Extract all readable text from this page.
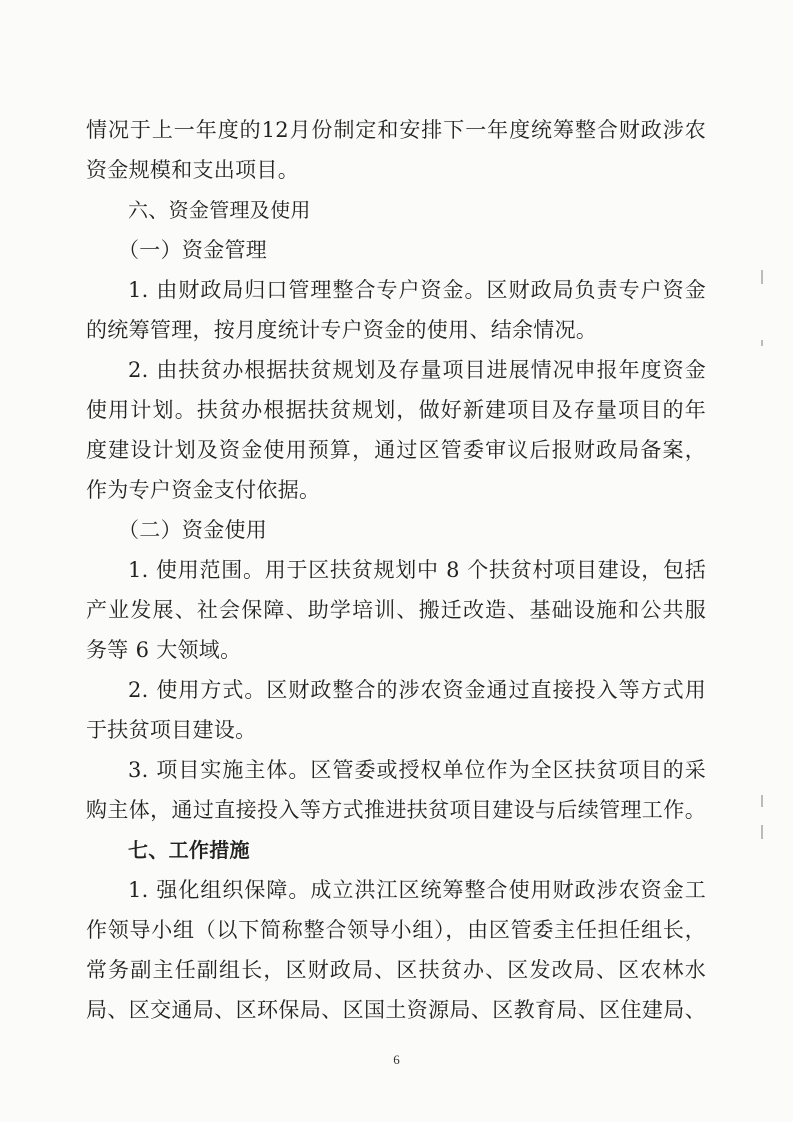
情况于上一年度的12月份制定和安排下一年度统筹整合财政涉农
资金规模和支出项目。
六、资金管理及使用
（一）资金管理
1. 由财政局归口管理整合专户资金。区财政局负责专户资金
的统筹管理，按月度统计专户资金的使用、结余情况。
2. 由扶贫办根据扶贫规划及存量项目进展情况申报年度资金
使用计划。扶贫办根据扶贫规划，做好新建项目及存量项目的年
度建设计划及资金使用预算，通过区管委审议后报财政局备案，
作为专户资金支付依据。
（二）资金使用
1. 使用范围。用于区扶贫规划中 8 个扶贫村项目建设，包括
产业发展、社会保障、助学培训、搬迁改造、基础设施和公共服
务等 6 大领域。
2. 使用方式。区财政整合的涉农资金通过直接投入等方式用
于扶贫项目建设。
3. 项目实施主体。区管委或授权单位作为全区扶贫项目的采
购主体，通过直接投入等方式推进扶贫项目建设与后续管理工作。
七、工作措施
1. 强化组织保障。成立洪江区统筹整合使用财政涉农资金工
作领导小组（以下简称整合领导小组），由区管委主任担任组长，
常务副主任副组长，区财政局、区扶贫办、区发改局、区农林水
局、区交通局、区环保局、区国土资源局、区教育局、区住建局、
6
